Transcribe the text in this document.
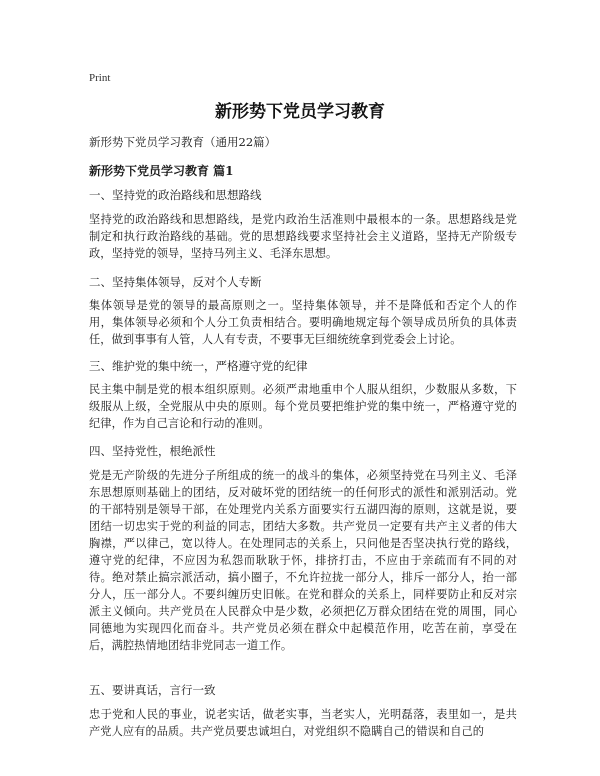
Print
新形势下党员学习教育
新形势下党员学习教育（通用22篇）
新形势下党员学习教育 篇1
一、坚持党的政治路线和思想路线
坚持党的政治路线和思想路线，是党内政治生活准则中最根本的一条。思想路线是党制定和执行政治路线的基础。党的思想路线要求坚持社会主义道路，坚持无产阶级专政，坚持党的领导，坚持马列主义、毛泽东思想。
二、坚持集体领导，反对个人专断
集体领导是党的领导的最高原则之一。坚持集体领导，并不是降低和否定个人的作用，集体领导必须和个人分工负责相结合。要明确地规定每个领导成员所负的具体责任，做到事事有人管，人人有专责，不要事无巨细统统拿到党委会上讨论。
三、维护党的集中统一，严格遵守党的纪律
民主集中制是党的根本组织原则。必须严肃地重申个人服从组织，少数服从多数，下级服从上级，全党服从中央的原则。每个党员要把维护党的集中统一，严格遵守党的纪律，作为自己言论和行动的准则。
四、坚持党性，根绝派性
党是无产阶级的先进分子所组成的统一的战斗的集体，必须坚持党在马列主义、毛泽东思想原则基础上的团结，反对破坏党的团结统一的任何形式的派性和派别活动。党的干部特别是领导干部，在处理党内关系方面要实行五湖四海的原则，这就是说，要团结一切忠实于党的利益的同志，团结大多数。共产党员一定要有共产主义者的伟大胸襟，严以律己，宽以待人。在处理同志的关系上，只问他是否坚决执行党的路线，遵守党的纪律，不应因为私怨而耿耿于怀，排挤打击，不应由于亲疏而有不同的对待。绝对禁止搞宗派活动，搞小圈子，不允许拉拢一部分人，排斥一部分人，抬一部分人，压一部分人。不要纠缠历史旧帐。在党和群众的关系上，同样要防止和反对宗派主义倾向。共产党员在人民群众中是少数，必须把亿万群众团结在党的周围，同心同德地为实现四化而奋斗。共产党员必须在群众中起模范作用，吃苦在前，享受在后，满腔热情地团结非党同志一道工作。
五、要讲真话，言行一致
忠于党和人民的事业，说老实话，做老实事，当老实人，光明磊落，表里如一，是共产党人应有的品质。共产党员要忠诚坦白，对党组织不隐瞒自己的错误和自己的
